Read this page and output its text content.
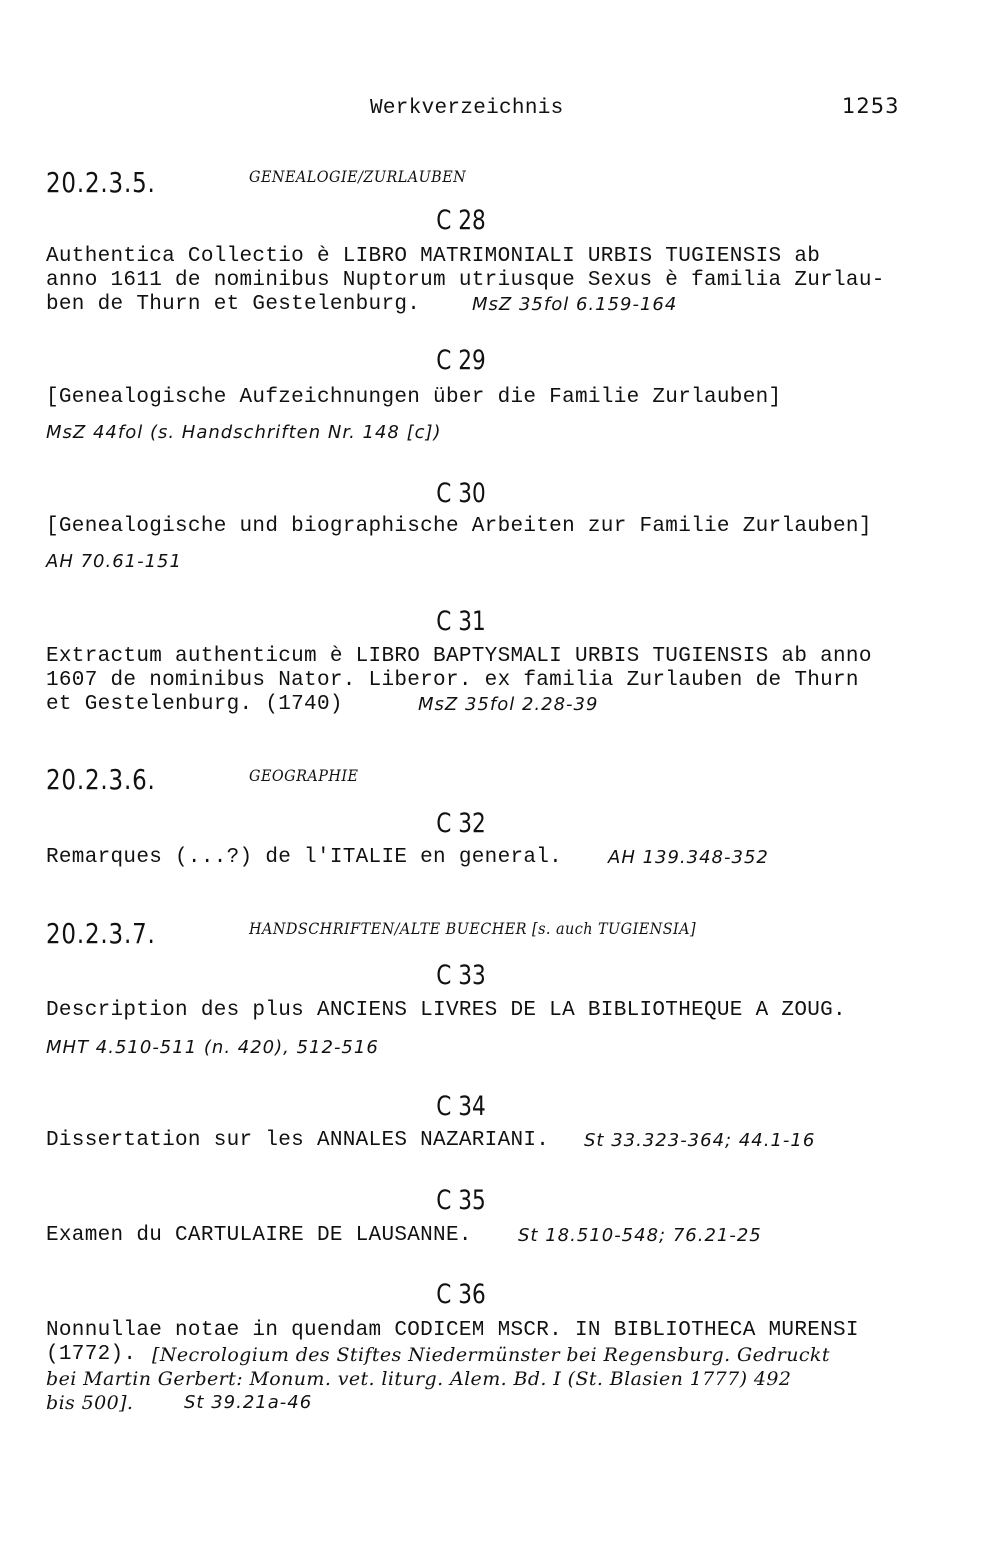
Werkverzeichnis	1253
20.2.3.5.	GENEALOGIE/ZURLAUBEN
C 28
Authentica Collectio è LIBRO MATRIMONIALI URBIS TUGIENSIS ab
anno 1611 de nominibus Nuptorum utriusque Sexus è familia Zurlau-
ben de Thurn et Gestelenburg.	MsZ 35fol 6.159-164
C 29
[Genealogische Aufzeichnungen über die Familie Zurlauben]
MsZ 44fol (s. Handschriften Nr. 148 [c])
C 30
[Genealogische und biographische Arbeiten zur Familie Zurlauben]
AH 70.61-151
C 31
Extractum authenticum è LIBRO BAPTYSMALI URBIS TUGIENSIS ab anno
1607 de nominibus Nator. Liberor. ex familia Zurlauben de Thurn
et Gestelenburg. (1740)	MsZ 35fol 2.28-39
20.2.3.6.	GEOGRAPHIE
C 32
Remarques (...?) de l'ITALIE en general.	AH 139.348-352
20.2.3.7.	HANDSCHRIFTEN/ALTE BUECHER [s. auch TUGIENSIA]
C 33
Description des plus ANCIENS LIVRES DE LA BIBLIOTHEQUE A ZOUG.
MHT 4.510-511 (n. 420), 512-516
C 34
Dissertation sur les ANNALES NAZARIANI. St 33.323-364; 44.1-16
C 35
Examen du CARTULAIRE DE LAUSANNE.	St 18.510-548; 76.21-25
C 36
Nonnullae notae in quendam CODICEM MSCR. IN BIBLIOTHECA MURENSI
(1772). [Necrologium des Stiftes Niedermünster bei Regensburg. Gedruckt
bei Martin Gerbert: Monum. vet. liturg. Alem. Bd. I (St. Blasien 1777) 492
bis 500].	St 39.21a-46
